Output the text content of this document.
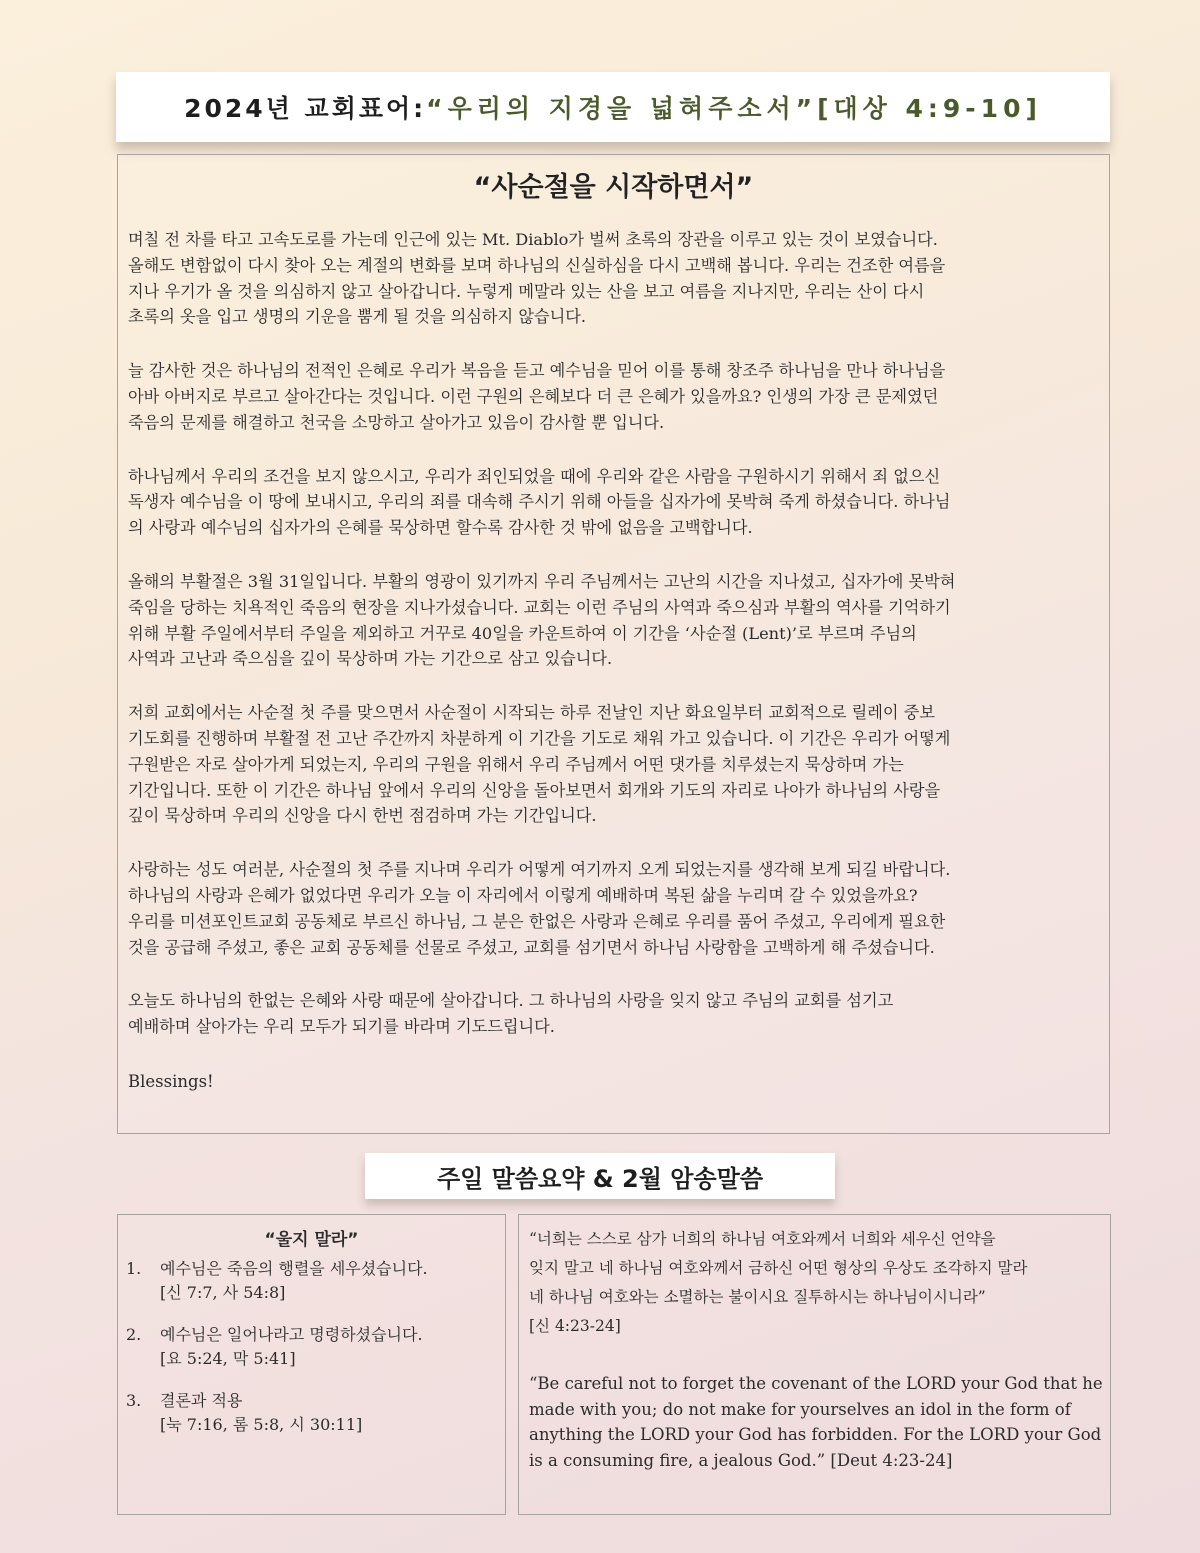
2024년 교회표어: “우리의 지경을 넓혀주소서” [대상 4:9-10]
“사순절을 시작하면서”
며칠 전 차를 타고 고속도로를 가는데 인근에 있는 Mt. Diablo가 벌써 초록의 장관을 이루고 있는 것이 보였습니다.
올해도 변함없이 다시 찾아 오는 계절의 변화를 보며 하나님의 신실하심을 다시 고백해 봅니다. 우리는 건조한 여름을
지나 우기가 올 것을 의심하지 않고 살아갑니다. 누렇게 메말라 있는 산을 보고 여름을 지나지만, 우리는 산이 다시
초록의 옷을 입고 생명의 기운을 뿜게 될 것을 의심하지 않습니다.
늘 감사한 것은 하나님의 전적인 은혜로 우리가 복음을 듣고 예수님을 믿어 이를 통해 창조주 하나님을 만나 하나님을
아바 아버지로 부르고 살아간다는 것입니다. 이런 구원의 은혜보다 더 큰 은혜가 있을까요? 인생의 가장 큰 문제였던
죽음의 문제를 해결하고 천국을 소망하고 살아가고 있음이 감사할 뿐 입니다.
하나님께서 우리의 조건을 보지 않으시고, 우리가 죄인되었을 때에 우리와 같은 사람을 구원하시기 위해서 죄 없으신
독생자 예수님을 이 땅에 보내시고, 우리의 죄를 대속해 주시기 위해 아들을 십자가에 못박혀 죽게 하셨습니다. 하나님
의 사랑과 예수님의 십자가의 은혜를 묵상하면 할수록 감사한 것 밖에 없음을 고백합니다.
올해의 부활절은 3월 31일입니다. 부활의 영광이 있기까지 우리 주님께서는 고난의 시간을 지나셨고, 십자가에 못박혀
죽임을 당하는 치욕적인 죽음의 현장을 지나가셨습니다. 교회는 이런 주님의 사역과 죽으심과 부활의 역사를 기억하기
위해 부활 주일에서부터 주일을 제외하고 거꾸로 40일을 카운트하여 이 기간을 ‘사순절 (Lent)’로 부르며 주님의
사역과 고난과 죽으심을 깊이 묵상하며 가는 기간으로 삼고 있습니다.
저희 교회에서는 사순절 첫 주를 맞으면서 사순절이 시작되는 하루 전날인 지난 화요일부터 교회적으로 릴레이 중보
기도회를 진행하며 부활절 전 고난 주간까지 차분하게 이 기간을 기도로 채워 가고 있습니다. 이 기간은 우리가 어떻게
구원받은 자로 살아가게 되었는지, 우리의 구원을 위해서 우리 주님께서 어떤 댓가를 치루셨는지 묵상하며 가는
기간입니다. 또한 이 기간은 하나님 앞에서 우리의 신앙을 돌아보면서 회개와 기도의 자리로 나아가 하나님의 사랑을
깊이 묵상하며 우리의 신앙을 다시 한번 점검하며 가는 기간입니다.
사랑하는 성도 여러분, 사순절의 첫 주를 지나며 우리가 어떻게 여기까지 오게 되었는지를 생각해 보게 되길 바랍니다.
하나님의 사랑과 은혜가 없었다면 우리가 오늘 이 자리에서 이렇게 예배하며 복된 삶을 누리며 갈 수 있었을까요?
우리를 미션포인트교회 공동체로 부르신 하나님, 그 분은 한없은 사랑과 은혜로 우리를 품어 주셨고, 우리에게 필요한
것을 공급해 주셨고, 좋은 교회 공동체를 선물로 주셨고, 교회를 섬기면서 하나님 사랑함을 고백하게 해 주셨습니다.
오늘도 하나님의 한없는 은혜와 사랑 때문에 살아갑니다. 그 하나님의 사랑을 잊지 않고 주님의 교회를 섬기고
예배하며 살아가는 우리 모두가 되기를 바라며 기도드립니다.
Blessings!
주일 말씀요약 & 2월 암송말씀
“울지 말라”
1.	예수님은 죽음의 행렬을 세우셨습니다.
[신 7:7, 사 54:8]
2.	예수님은 일어나라고 명령하셨습니다.
[요 5:24, 막 5:41]
3.	결론과 적용
[눅 7:16, 롬 5:8, 시 30:11]
“너희는 스스로 삼가 너희의 하나님 여호와께서 너희와 세우신 언약을
잊지 말고 네 하나님 여호와께서 금하신 어떤 형상의 우상도 조각하지 말라
네 하나님 여호와는 소멸하는 불이시요 질투하시는 하나님이시니라”
[신 4:23-24]
“Be careful not to forget the covenant of the LORD your God that he
made with you; do not make for yourselves an idol in the form of
anything the LORD your God has forbidden. For the LORD your God
is a consuming fire, a jealous God.” [Deut 4:23-24]
